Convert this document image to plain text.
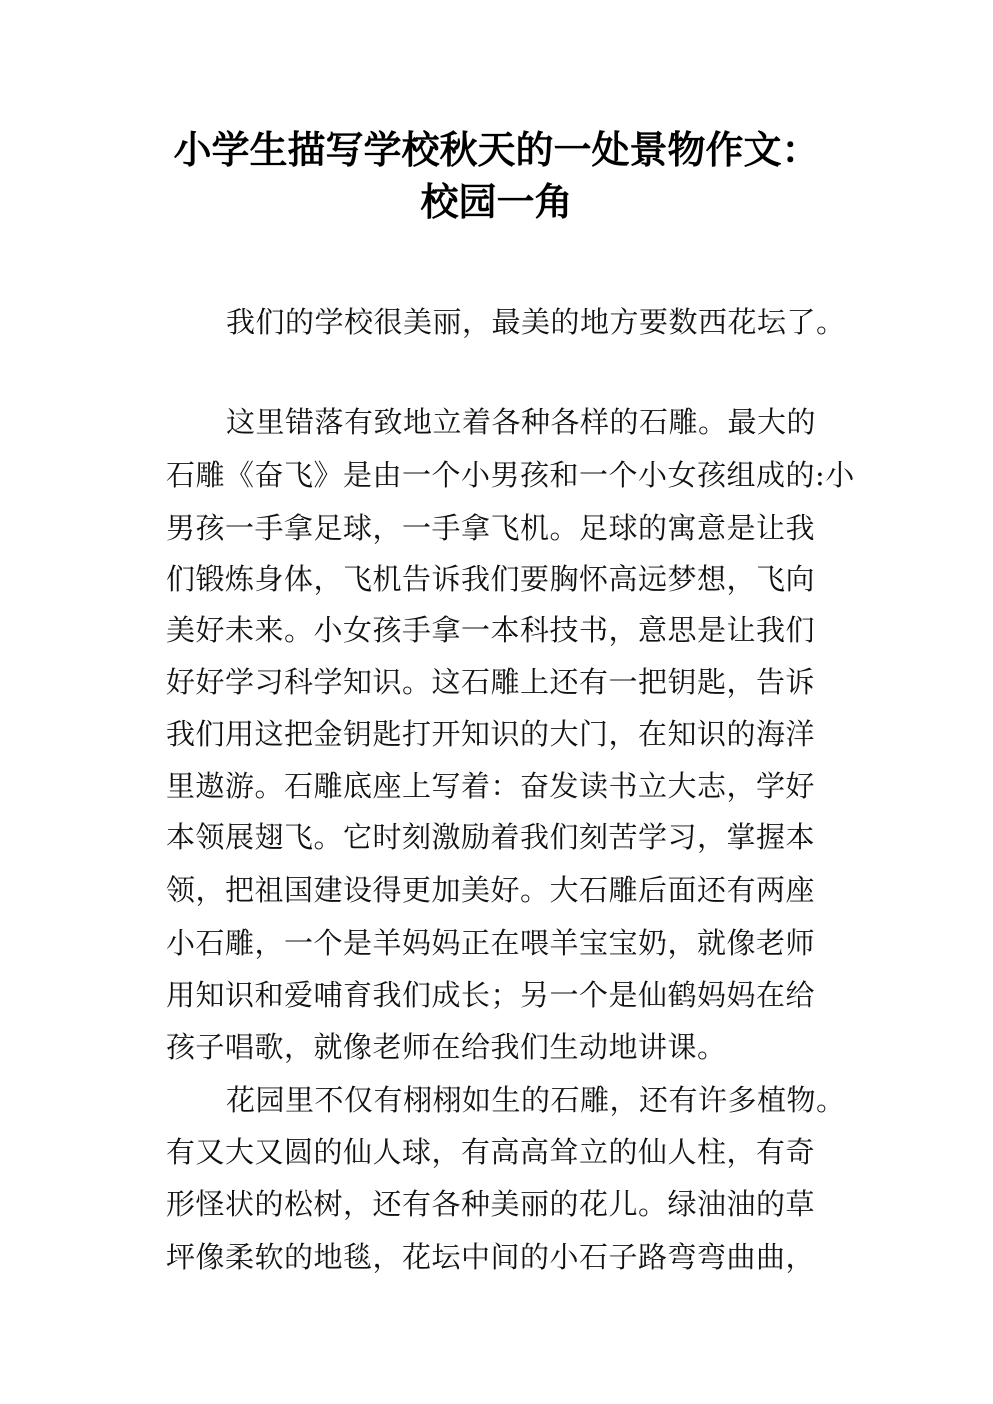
小学生描写学校秋天的一处景物作文：
校园一角
我们的学校很美丽，最美的地方要数西花坛了。
这里错落有致地立着各种各样的石雕。最大的
石雕《奋飞》是由一个小男孩和一个小女孩组成的:小
男孩一手拿足球，一手拿飞机。足球的寓意是让我
们锻炼身体，飞机告诉我们要胸怀高远梦想，飞向
美好未来。小女孩手拿一本科技书，意思是让我们
好好学习科学知识。这石雕上还有一把钥匙，告诉
我们用这把金钥匙打开知识的大门，在知识的海洋
里遨游。石雕底座上写着：奋发读书立大志，学好
本领展翅飞。它时刻激励着我们刻苦学习，掌握本
领，把祖国建设得更加美好。大石雕后面还有两座
小石雕，一个是羊妈妈正在喂羊宝宝奶，就像老师
用知识和爱哺育我们成长；另一个是仙鹤妈妈在给
孩子唱歌，就像老师在给我们生动地讲课。
花园里不仅有栩栩如生的石雕，还有许多植物。
有又大又圆的仙人球，有高高耸立的仙人柱，有奇
形怪状的松树，还有各种美丽的花儿。绿油油的草
坪像柔软的地毯，花坛中间的小石子路弯弯曲曲，
